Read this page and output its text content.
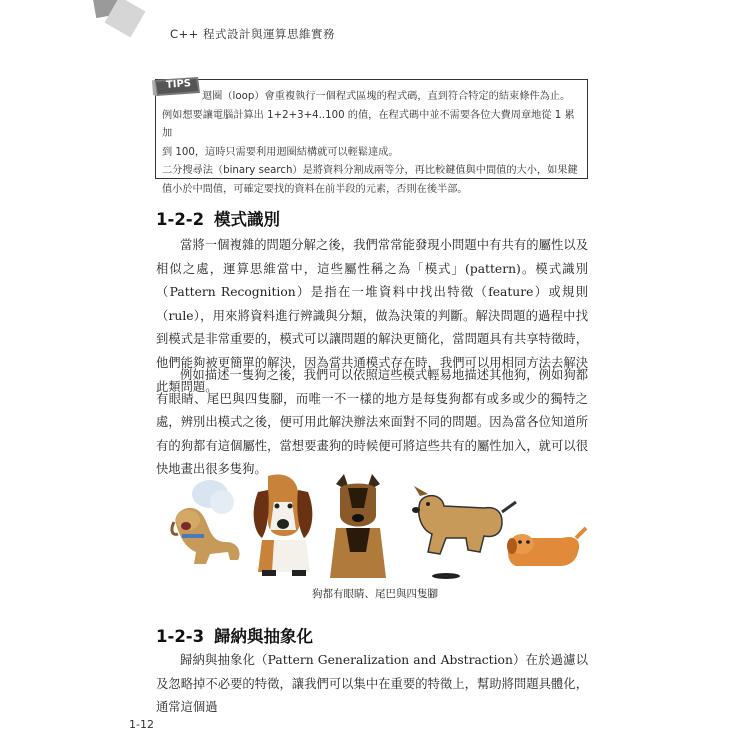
C++ 程式設計與運算思維實務
TIPS

迴圈（loop）會重複執行一個程式區塊的程式碼，直到符合特定的結束條件為止。

例如想要讓電腦計算出 1+2+3+4..100 的值，在程式碼中並不需要各位大費周章地從 1 累加

到 100，這時只需要利用迴圈結構就可以輕鬆達成。

二分搜尋法（binary search）是將資料分割成兩等分，再比較鍵值與中間值的大小，如果鍵

值小於中間值，可確定要找的資料在前半段的元素，否則在後半部。

1-2-2 模式識別

當將一個複雜的問題分解之後，我們常常能發現小問題中有共有的屬性以及相似之處，運算思維當中，這些屬性稱之為「模式」(pattern)。模式識別（Pattern Recognition）是指在一堆資料中找出特徵（feature）或規則（rule），用來將資料進行辨識與分類，做為決策的判斷。解決問題的過程中找到模式是非常重要的，模式可以讓問題的解決更簡化，當問題具有共享特徵時，他們能夠被更簡單的解決，因為當共通模式存在時，我們可以用相同方法去解決此類問題。

例如描述一隻狗之後，我們可以依照這些模式輕易地描述其他狗，例如狗都有眼睛、尾巴與四隻腳，而唯一不一樣的地方是每隻狗都有或多或少的獨特之處，辨別出模式之後，便可用此解決辦法來面對不同的問題。因為當各位知道所有的狗都有這個屬性，當想要畫狗的時候便可將這些共有的屬性加入，就可以很快地畫出很多隻狗。

狗都有眼睛、尾巴與四隻腳
1-2-3 歸納與抽象化

歸納與抽象化（Pattern Generalization and Abstraction）在於過濾以及忽略掉不必要的特徵，讓我們可以集中在重要的特徵上，幫助將問題具體化，通常這個過

1-12
